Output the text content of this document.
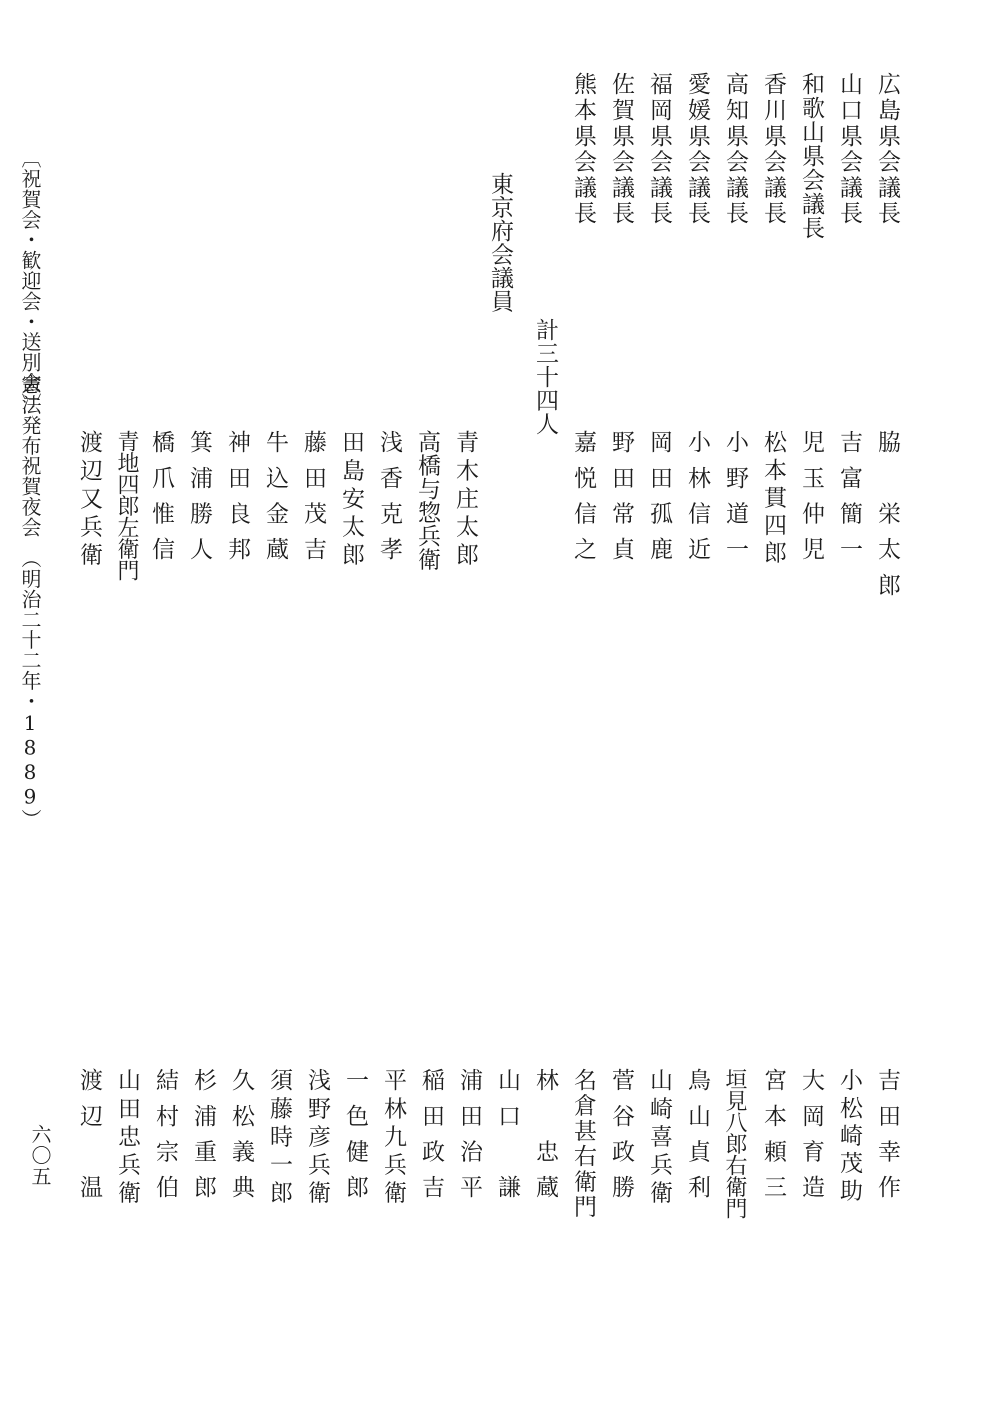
広島県会議長
山口県会議長
和歌山県会議長
香川県会議長
高知県会議長
愛媛県会議長
福岡県会議長
佐賀県会議長
熊本県会議長
脇　栄太郎
吉富簡一
児玉仲児
松本貫四郎
小野道一
小林信近
岡田孤鹿
野田常貞
嘉悦信之
計三十四人
東京府会議員
青木庄太郎
高橋与惣兵衛
浅香克孝
田島安太郎
藤田茂吉
牛込金蔵
神田良邦
箕浦勝人
橋爪惟信
青地四郎左衛門
渡辺又兵衛
〔祝賀会・歓迎会・送別会〕
憲法発布祝賀夜会
（明治二十二年・1889）
吉田幸作
小松崎茂助
大岡育造
宮本頼三
垣見八郎右衛門
鳥山貞利
山崎喜兵衛
菅谷政勝
名倉甚右衛門
林　忠蔵
山口　謙
浦田治平
稲田政吉
平林九兵衛
一色健郎
浅野彦兵衛
須藤時一郎
久松義典
杉浦重郎
結村宗伯
山田忠兵衛
渡辺　温
六〇五
